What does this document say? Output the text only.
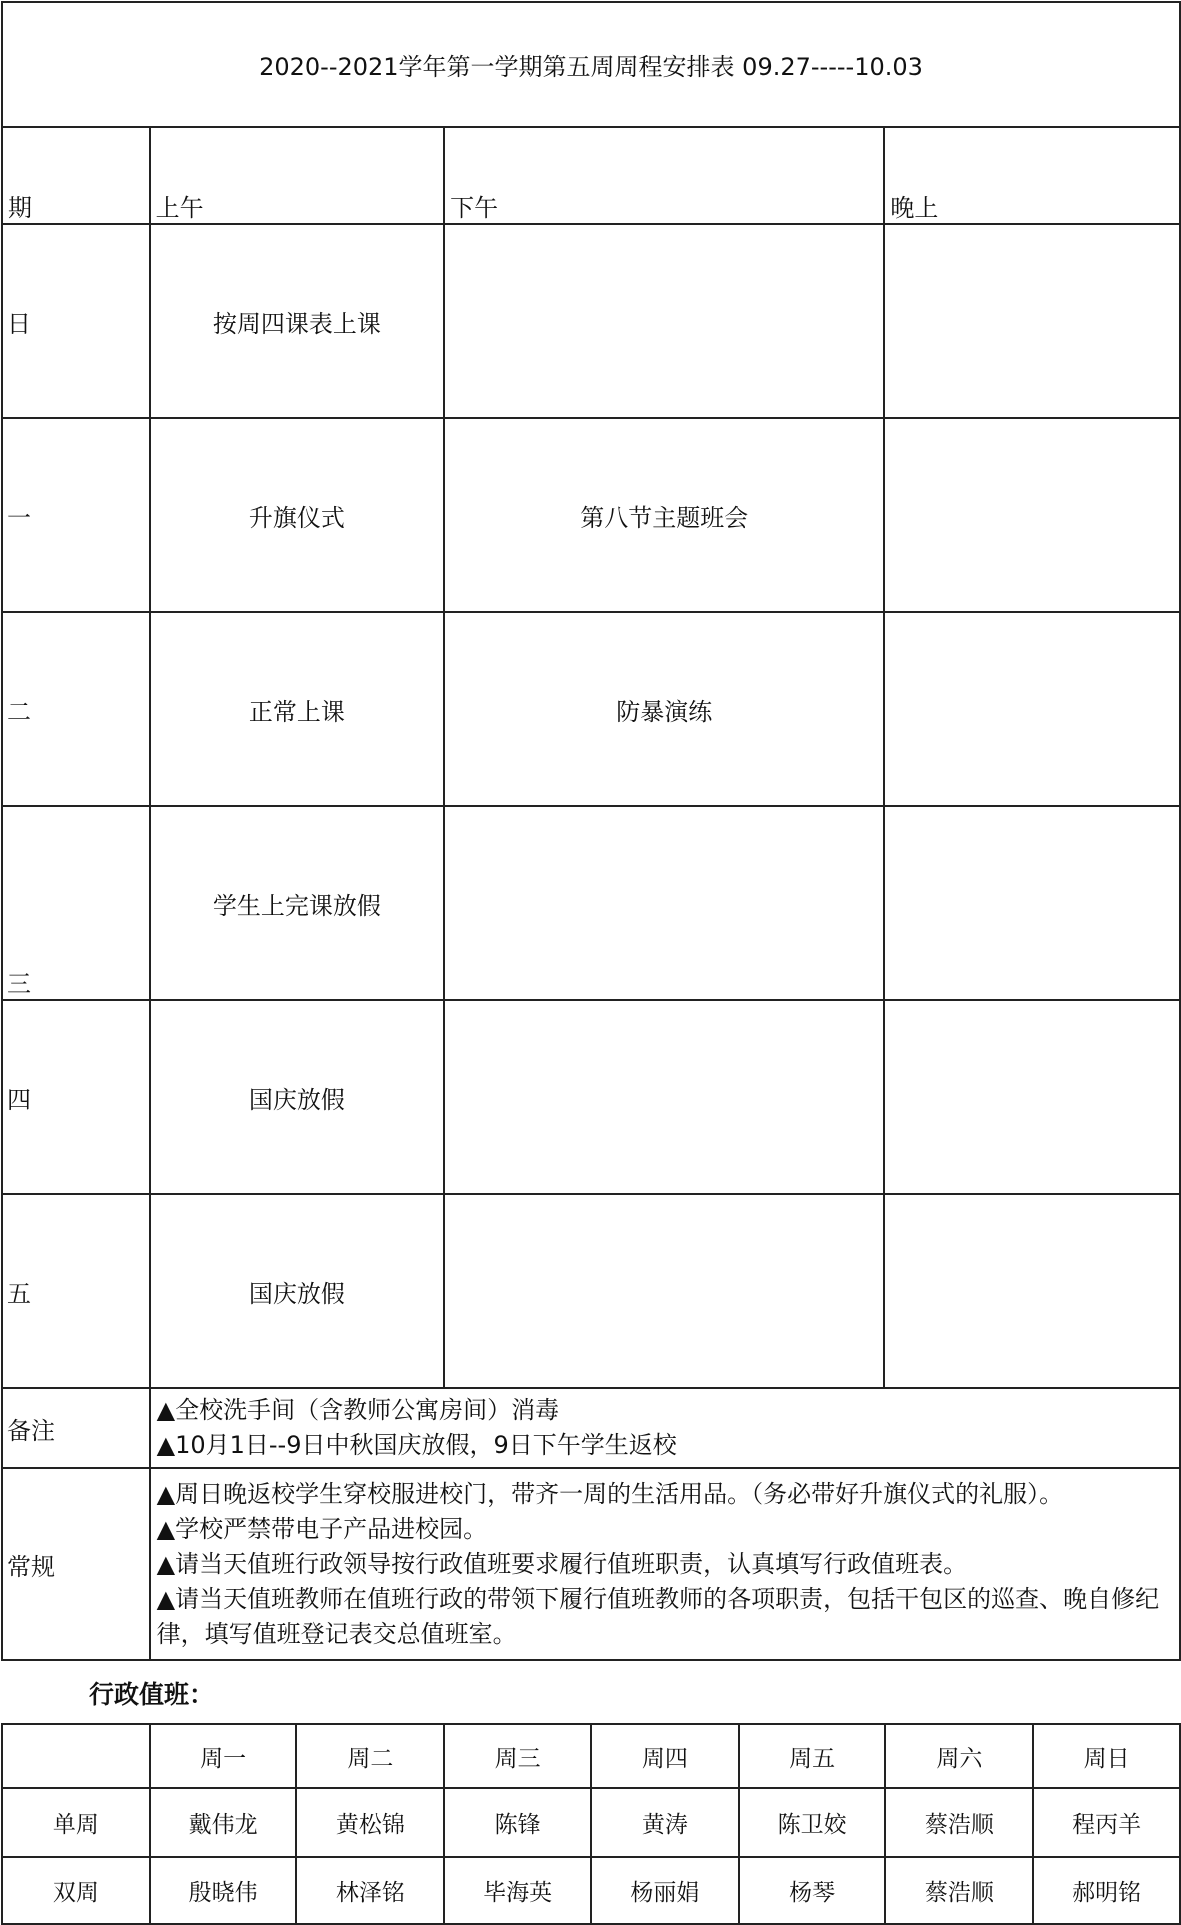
2020--2021学年第一学期第五周周程安排表 09.27-----10.03			

期	上午	下午	晚上

日	按周四课表上课		
一	升旗仪式	第八节主题班会	
二	正常上课	防暴演练	
三	学生上完课放假		
四	国庆放假		
五	国庆放假		
备注	▲全校洗手间（含教师公寓房间）消毒
▲10月1日--9日中秋国庆放假，9日下午学生返校		

常规	▲周日晚返校学生穿校服进校门，带齐一周的生活用品。（务必带好升旗仪式的礼服）。
▲学校严禁带电子产品进校园。
▲请当天值班行政领导按行政值班要求履行值班职责，认真填写行政值班表。
▲请当天值班教师在值班行政的带领下履行值班教师的各项职责，包括干包区的巡查、晚自修纪律，填写值班登记表交总值班室。		
行政值班：
	周一	周二	周三	周四	周五	周六	周日
单周	戴伟龙	黄松锦	陈锋	黄涛	陈卫姣	蔡浩顺	程丙羊
双周	殷晓伟	林泽铭	毕海英	杨丽娟	杨琴	蔡浩顺	郝明铭
